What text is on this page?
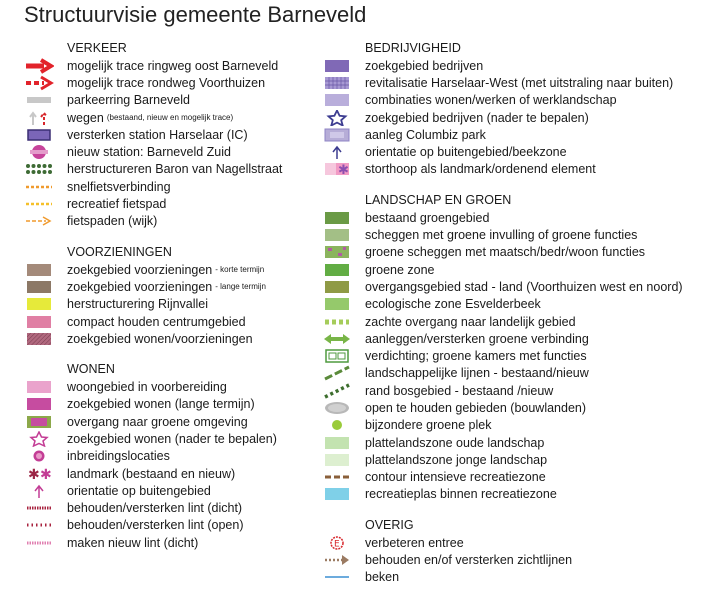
Structuurvisie gemeente Barneveld
VERKEER
mogelijk trace ringweg oost Barneveld
mogelijk trace rondweg Voorthuizen
parkeerring Barneveld
wegen (bestaand, nieuw en mogelijk trace)
versterken station Harselaar (IC)
nieuw station: Barneveld Zuid
herstructureren Baron van Nagellstraat
snelfietsverbinding
recreatief fietspad
fietspaden (wijk)
VOORZIENINGEN
zoekgebied voorzieningen - korte termijn
zoekgebied voorzieningen - lange termijn
herstructurering Rijnvallei
compact houden centrumgebied
zoekgebied wonen/voorzieningen
WONEN
woongebied in voorbereiding
zoekgebied wonen (lange termijn)
overgang naar groene omgeving
zoekgebied wonen (nader te bepalen)
inbreidingslocaties
✱ ✱ landmark (bestaand en nieuw)
orientatie op buitengebied
behouden/versterken lint (dicht)
behouden/versterken lint (open)
maken nieuw lint (dicht)
BEDRIJVIGHEID
zoekgebied bedrijven
revitalisatie Harselaar-West (met uitstraling naar buiten)
combinaties wonen/werken of werklandschap
zoekgebied bedrijven (nader te bepalen)
aanleg Columbiz park
orientatie op buitengebied/beekzone
✱ storthoop als landmark/ordenend element
LANDSCHAP EN GROEN
bestaand groengebied
scheggen met groene invulling of groene functies
groene scheggen met maatsch/bedr/woon functies
groene zone
overgangsgebied stad - land (Voorthuizen west en noord)
ecologische zone Esvelderbeek
zachte overgang naar landelijk gebied
aanleggen/versterken groene verbinding
verdichting; groene kamers met functies
landschappelijke lijnen - bestaand/nieuw
rand bosgebied - bestaand /nieuw
open te houden gebieden (bouwlanden)
bijzondere groene plek
plattelandszone oude landschap
plattelandszone jonge landschap
contour intensieve recreatiezone
recreatieplas binnen recreatiezone
OVERIG
E verbeteren entree
behouden en/of versterken zichtlijnen
beken
